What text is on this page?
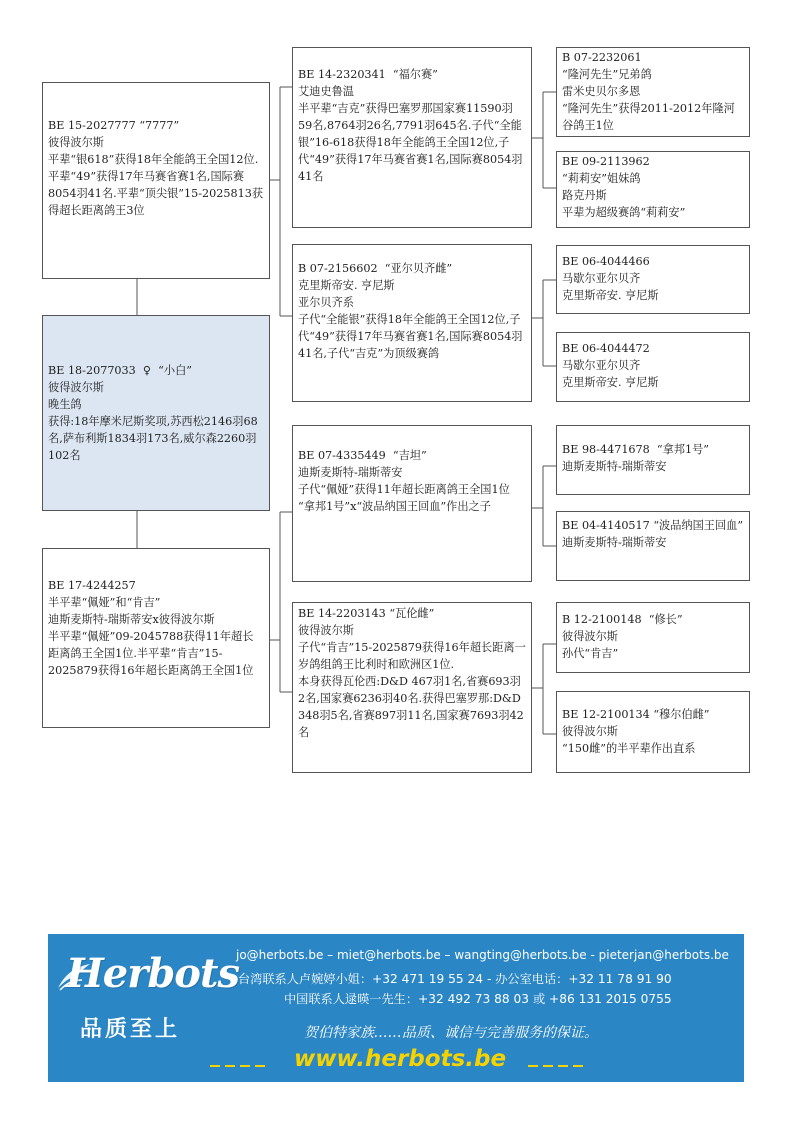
BE 15-2027777 “7777”
彼得波尔斯
平辈“银618”获得18年全能鸽王全国12位.平辈“49”获得17年马赛省赛1名,国际赛8054羽41名.平辈“顶尖银”15-2025813获得超长距离鸽王3位
BE 18-2077033  ♀  “小白”
彼得波尔斯
晚生鸽
获得:18年摩米尼斯奖项,苏西松2146羽68名,萨布利斯1834羽173名,威尔森2260羽102名
BE 17-4244257
半平辈“佩娅”和“肯吉”
迪斯麦斯特-瑞斯蒂安x彼得波尔斯
半平辈“佩娅”09-2045788获得11年超长距离鸽王全国1位.半平辈“肯吉”15-2025879获得16年超长距离鸽王全国1位
BE 14-2320341  “福尔赛”
艾迪史鲁温
半平辈“吉克”获得巴塞罗那国家赛11590羽59名,8764羽26名,7791羽645名.子代“全能银”16-618获得18年全能鸽王全国12位,子代“49”获得17年马赛省赛1名,国际赛8054羽41名
B 07-2156602  “亚尔贝齐雌”
克里斯帝安. 亨尼斯
亚尔贝齐系
子代“全能银”获得18年全能鸽王全国12位,子代“49”获得17年马赛省赛1名,国际赛8054羽41名,子代“吉克”为顶级赛鸽
BE 07-4335449  “吉坦”
迪斯麦斯特-瑞斯蒂安
子代“佩娅”获得11年超长距离鸽王全国1位
“拿邦1号”x“波品纳国王回血”作出之子
BE 14-2203143 “瓦伦雌”
彼得波尔斯
子代“肯吉”15-2025879获得16年超长距离一岁鸽组鸽王比利时和欧洲区1位.
本身获得瓦伦西:D&D 467羽1名,省赛693羽2名,国家赛6236羽40名.获得巴塞罗那:D&D 348羽5名,省赛897羽11名,国家赛7693羽42名
B 07-2232061
“隆河先生”兄弟鸽
雷米史贝尔多恩
“隆河先生”获得2011-2012年隆河谷鸽王1位
BE 09-2113962
“莉莉安”姐妹鸽
路克丹斯
平辈为超级赛鸽“莉莉安”
BE 06-4044466
马歇尔亚尔贝齐
克里斯帝安. 亨尼斯
BE 06-4044472
马歇尔亚尔贝齐
克里斯帝安. 亨尼斯
BE 98-4471678  “拿邦1号”
迪斯麦斯特-瑞斯蒂安
BE 04-4140517 “波品纳国王回血”
迪斯麦斯特-瑞斯蒂安
B 12-2100148  “修长”
彼得波尔斯
孙代“肯吉”
BE 12-2100134 “穆尔伯雌”
彼得波尔斯
“150雌”的半平辈作出直系
Herbots
品质至上
jo@herbots.be – miet@herbots.be – wangting@herbots.be - pieterjan@herbots.be
台湾联系人卢婉婷小姐：+32 471 19 55 24 - 办公室电话：+32 11 78 91 90
中国联系人逯暎一先生：+32 492 73 88 03 或 +86 131 2015 0755
贺伯特家族……品质、诚信与完善服务的保证。
www.herbots.be
